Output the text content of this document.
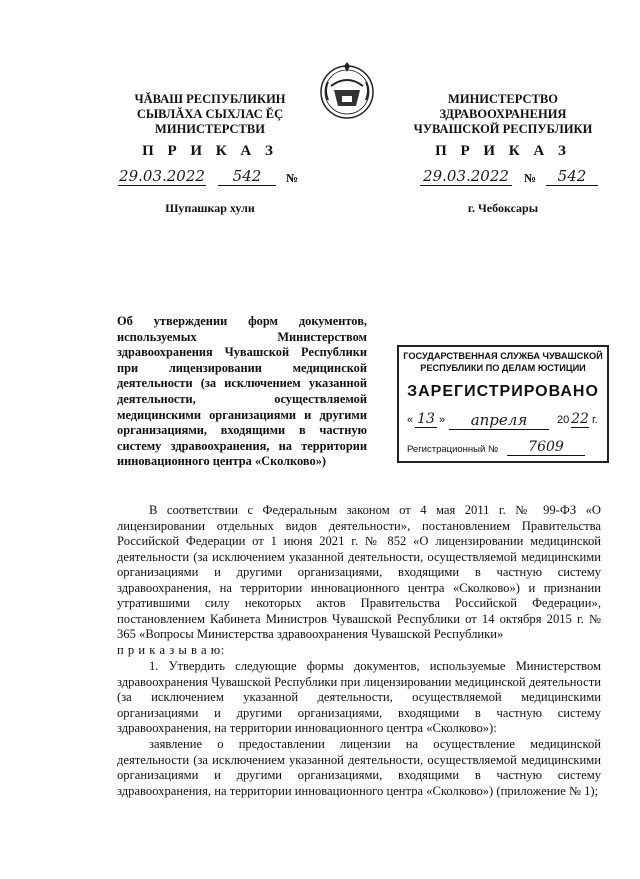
ЧĂВАШ РЕСПУБЛИКИН
СЫВЛĂХА СЫХЛАС ĔÇ
МИНИСТЕРСТВИ
МИНИСТЕРСТВО
ЗДРАВООХРАНЕНИЯ
ЧУВАШСКОЙ РЕСПУБЛИКИ
П Р И К А З	П Р И К А З
29.03.2022	542	№	29.03.2022 №	542
Шупашкар хули	г. Чебоксары
Об утверждении форм документов, используемых Министерством здравоохранения Чувашской Республики при лицензировании медицинской деятельности (за исключением указанной деятельности, осуществляемой медицинскими организациями и другими организациями, входящими в частную систему здравоохранения, на территории инновационного центра «Сколково»)
ГОСУДАРСТВЕННАЯ СЛУЖБА ЧУВАШСКОЙ
РЕСПУБЛИКИ ПО ДЕЛАМ ЮСТИЦИИ
ЗАРЕГИСТРИРОВАНО
« 13 »	апреля	20 22 г.
Регистрационный №	7609
В соответствии с Федеральным законом от 4 мая 2011 г. № 99-ФЗ «О лицензировании отдельных видов деятельности», постановлением Правительства Российской Федерации от 1 июня 2021 г. № 852 «О лицензировании медицинской деятельности (за исключением указанной деятельности, осуществляемой медицинскими организациями и другими организациями, входящими в частную систему здравоохранения, на территории инновационного центра «Сколково») и признании утратившими силу некоторых актов Правительства Российской Федерации», постановлением Кабинета Министров Чувашской Республики от 14 октября 2015 г. № 365 «Вопросы Министерства здравоохранения Чувашской Республики»
п р и к а з ы в а ю:
1. Утвердить следующие формы документов, используемые Министерством здравоохранения Чувашской Республики при лицензировании медицинской деятельности (за исключением указанной деятельности, осуществляемой медицинскими организациями и другими организациями, входящими в частную систему здравоохранения, на территории инновационного центра «Сколково»):
заявление о предоставлении лицензии на осуществление медицинской деятельности (за исключением указанной деятельности, осуществляемой медицинскими организациями и другими организациями, входящими в частную систему здравоохранения, на территории инновационного центра «Сколково») (приложение № 1);
